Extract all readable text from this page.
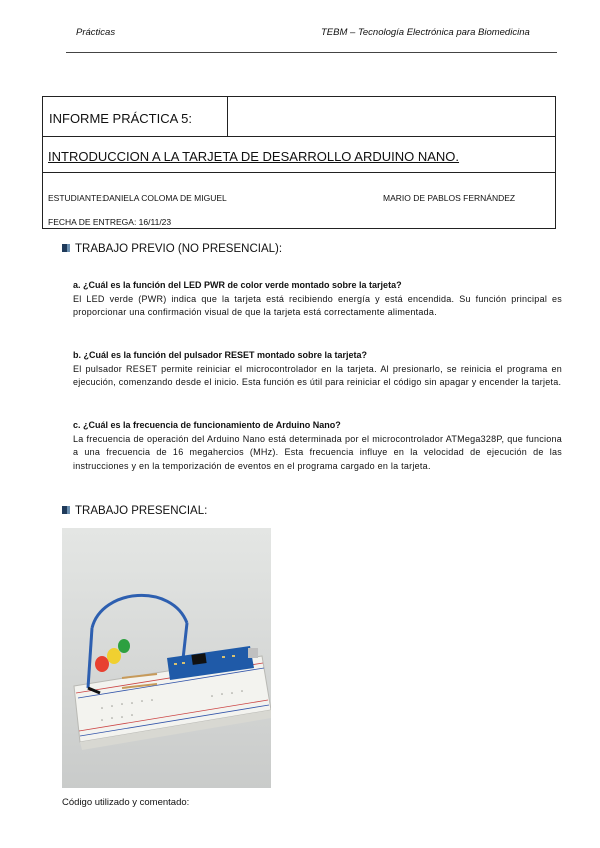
Prácticas	TEBM – Tecnología Electrónica para Biomedicina
INFORME PRÁCTICA 5:
INTRODUCCION A LA TARJETA DE DESARROLLO ARDUINO NANO.
ESTUDIANTE:
DANIELA COLOMA DE MIGUEL	MARIO DE PABLOS FERNÁNDEZ
FECHA DE ENTREGA: 16/11/23
TRABAJO PREVIO (NO PRESENCIAL):
a. ¿Cuál es la función del LED PWR de color verde montado sobre la tarjeta?
El LED verde (PWR) indica que la tarjeta está recibiendo energía y está encendida. Su función principal es proporcionar una confirmación visual de que la tarjeta está correctamente alimentada.
b. ¿Cuál es la función del pulsador RESET montado sobre la tarjeta?
El pulsador RESET permite reiniciar el microcontrolador en la tarjeta. Al presionarlo, se reinicia el programa en ejecución, comenzando desde el inicio. Esta función es útil para reiniciar el código sin apagar y encender la tarjeta.
c. ¿Cuál es la frecuencia de funcionamiento de Arduino Nano?
La frecuencia de operación del Arduino Nano está determinada por el microcontrolador ATMega328P, que funciona a una frecuencia de 16 megahercios (MHz). Esta frecuencia influye en la velocidad de ejecución de las instrucciones y en la temporización de eventos en el programa cargado en la tarjeta.
TRABAJO PRESENCIAL:
Código utilizado y comentado:
